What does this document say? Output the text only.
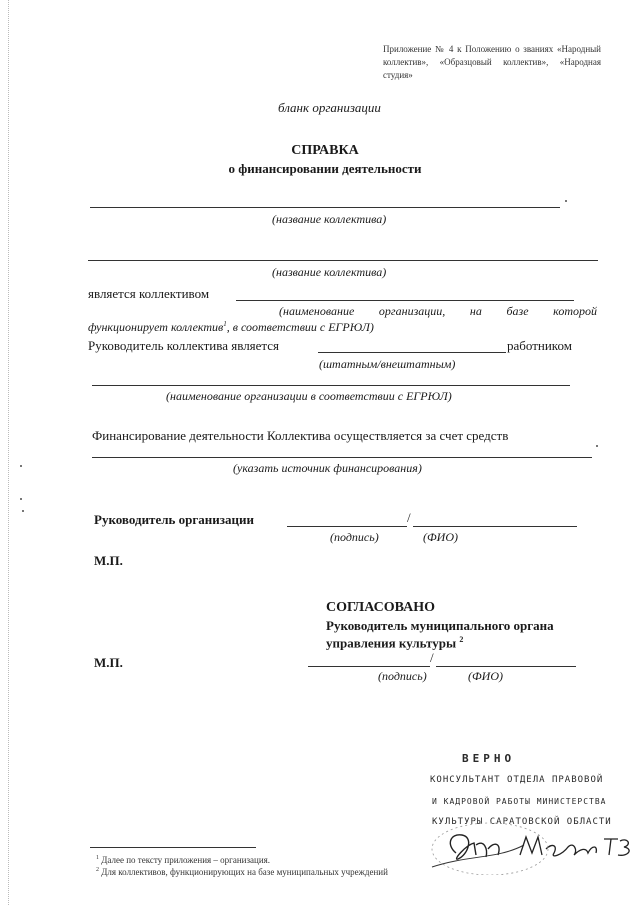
Приложение № 4 к Положению о званиях «Народный коллектив», «Образцовый коллектив», «Народная студия»
бланк организации
СПРАВКА
о финансировании деятельности
(название коллектива)
(название коллектива)
является коллективом
(наименование организации, на базе которой
функционирует коллектив$^1$, в соответствии с ЕГРЮЛ)
Руководитель коллектива является	работником
(штатным/внештатным)
(наименование организации в соответствии с ЕГРЮЛ)
Финансирование деятельности Коллектива осуществляется за счет средств
(указать источник финансирования)
Руководитель организации	/
(подпись)	(ФИО)
М.П.
СОГЛАСОВАНО
Руководитель муниципального органа
управления культуры $^2$
М.П.	/
(подпись)	(ФИО)
ВЕРНО
КОНСУЛЬТАНТ ОТДЕЛА ПРАВОВОЙ
И КАДРОВОЙ РАБОТЫ МИНИСТЕРСТВА
КУЛЬТУРЫ САРАТОВСКОЙ ОБЛАСТИ
$^1$ Далее по тексту приложения – организация.
$^2$ Для коллективов, функционирующих на базе муниципальных учреждений
